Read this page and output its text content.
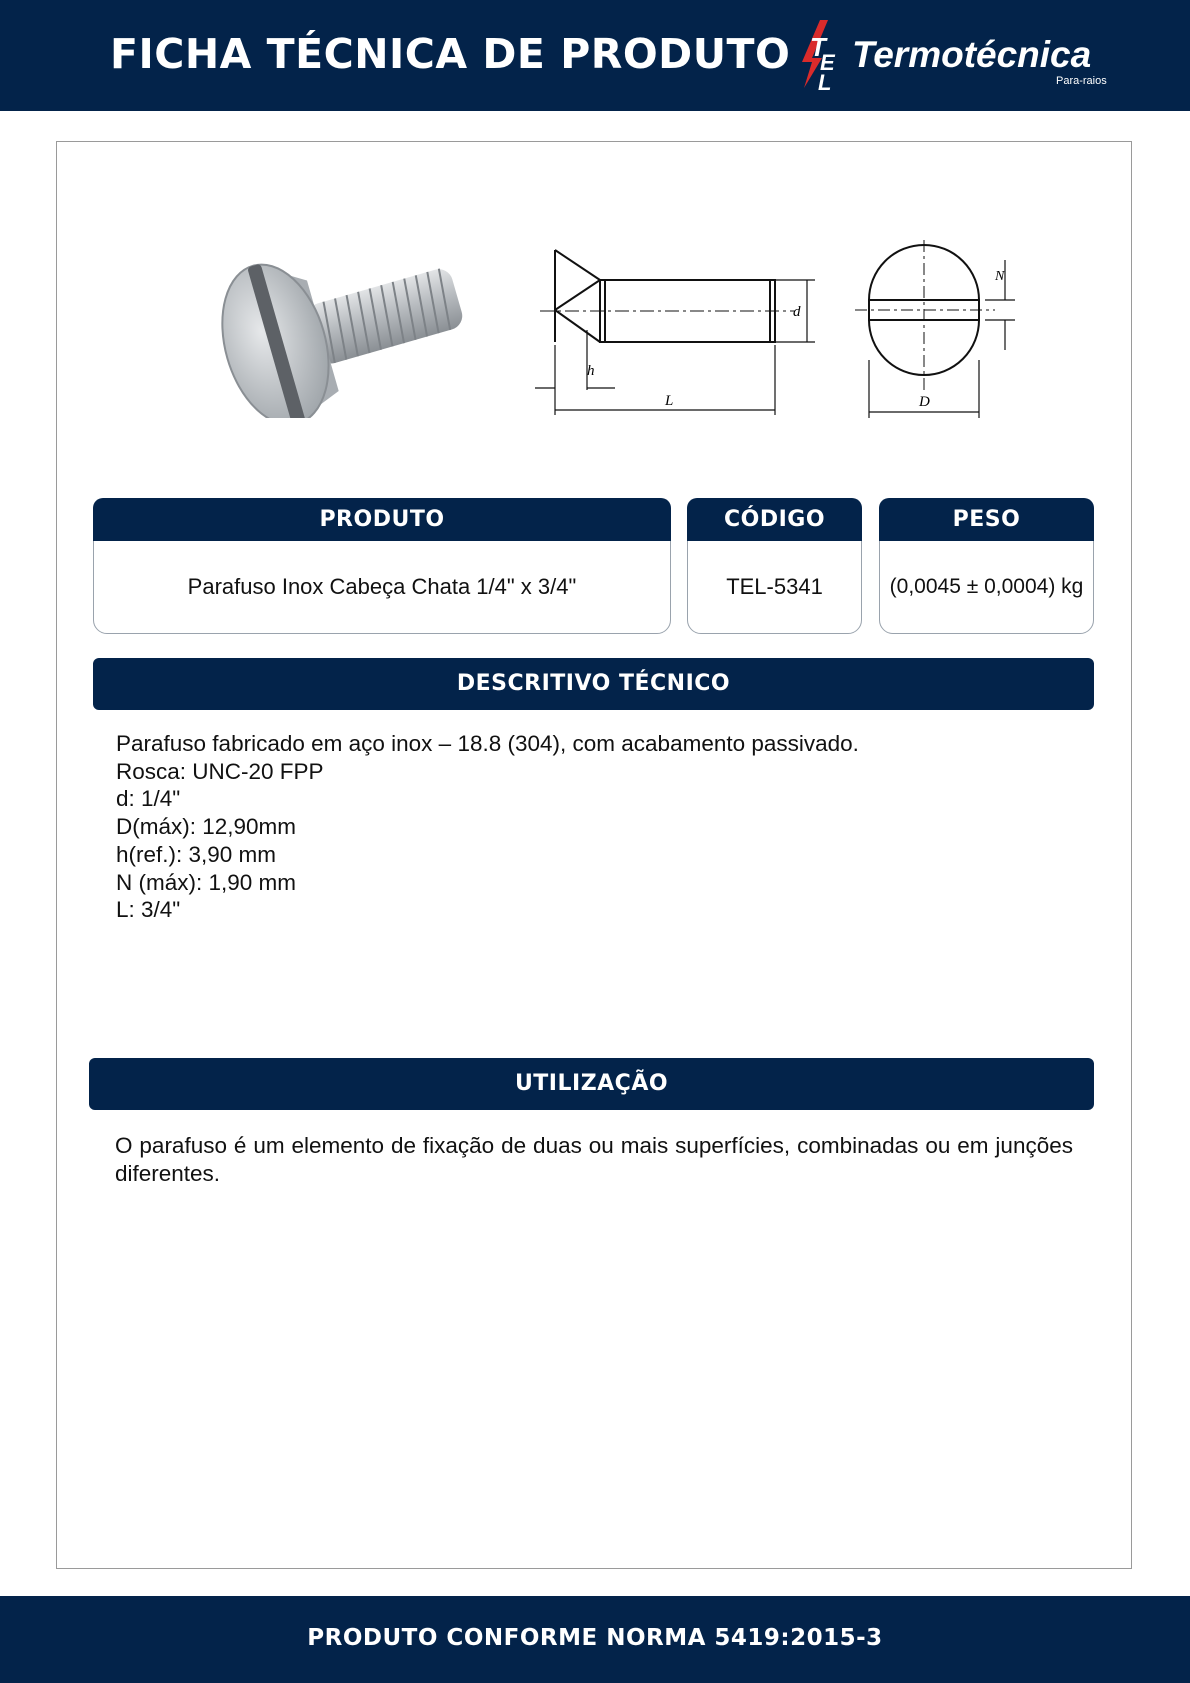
FICHA TÉCNICA DE PRODUTO T
E
L
Termotécnica
Para-raios
h
L
d
N
D
PRODUTO
Parafuso Inox Cabeça Chata 1/4" x 3/4"
CÓDIGO
TEL-5341
PESO
(0,0045 ± 0,0004) kg
DESCRITIVO TÉCNICO
Parafuso fabricado em aço inox – 18.8 (304), com acabamento passivado.
Rosca: UNC-20 FPP
d: 1/4"
D(máx): 12,90mm
h(ref.): 3,90 mm
N (máx): 1,90 mm
L: 3/4"
UTILIZAÇÃO

O parafuso é um elemento de fixação de duas ou mais superfícies, combinadas ou em junções diferentes.

PRODUTO CONFORME NORMA 5419:2015-3
